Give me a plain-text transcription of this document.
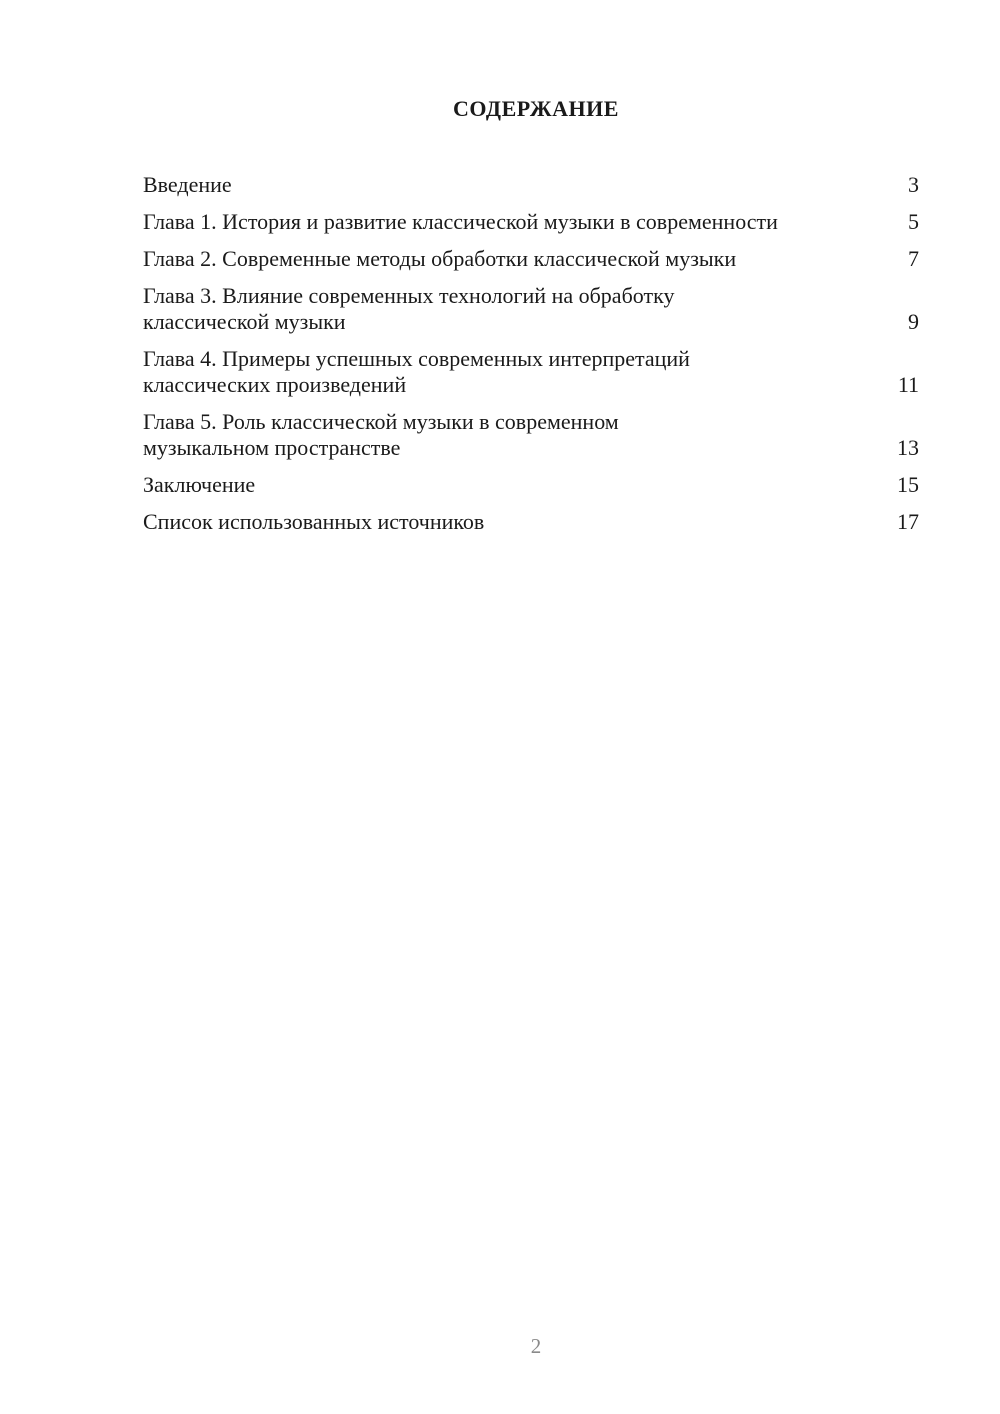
СОДЕРЖАНИЕ
Введение	3
Глава 1. История и развитие классической музыки в современности	5
Глава 2. Современные методы обработки классической музыки	7
Глава 3. Влияние современных технологий на обработку классической музыки	9
Глава 4. Примеры успешных современных интерпретаций классических произведений	11
Глава 5. Роль классической музыки в современном музыкальном пространстве	13
Заключение	15
Список использованных источников	17
2
